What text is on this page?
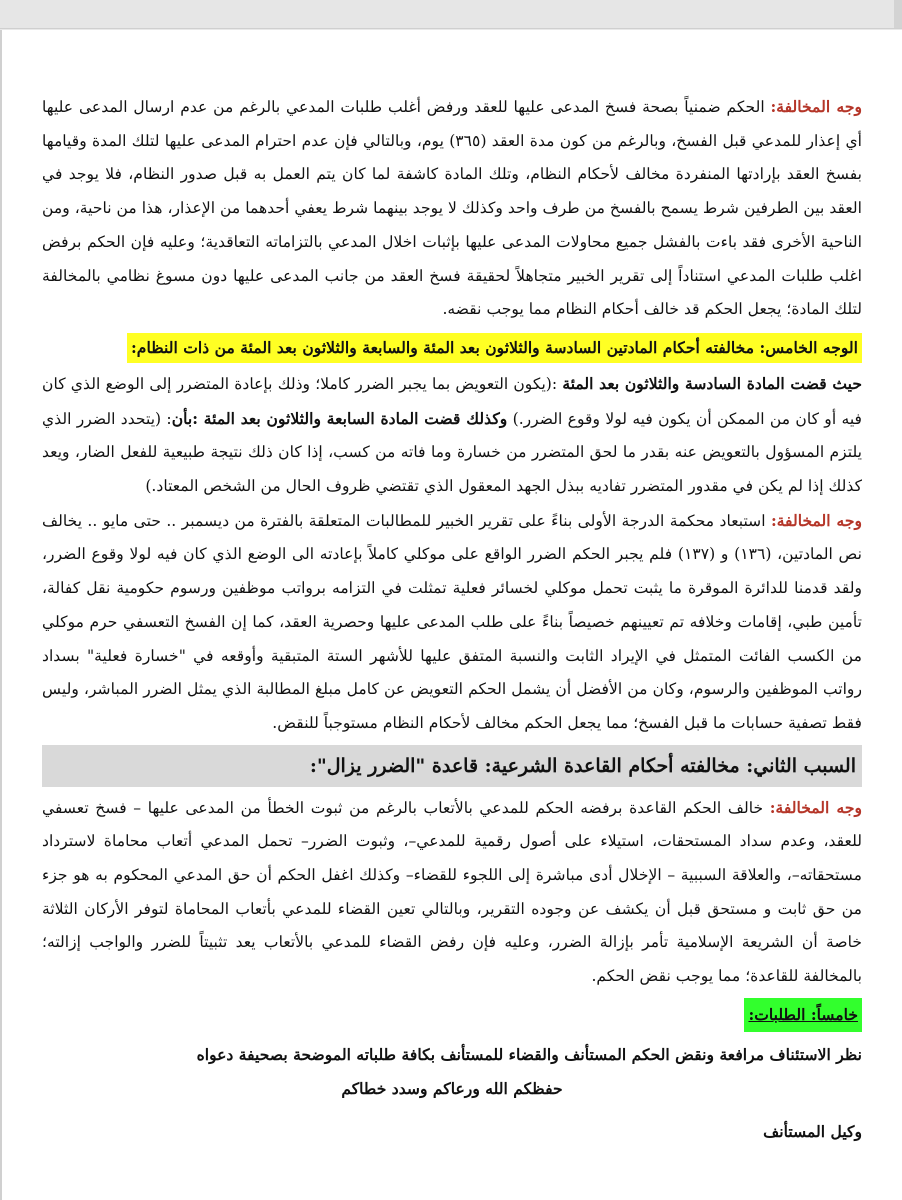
وجه المخالفة: الحكم ضمنياً بصحة فسخ المدعى عليها للعقد ورفض أغلب طلبات المدعي بالرغم من عدم ارسال المدعى عليها أي إعذار للمدعي قبل الفسخ، وبالرغم من كون مدة العقد (٣٦٥) يوم، وبالتالي فإن عدم احترام المدعى عليها لتلك المدة وقيامها بفسخ العقد بإرادتها المنفردة مخالف لأحكام النظام، وتلك المادة كاشفة لما كان يتم العمل به قبل صدور النظام، فلا يوجد في العقد بين الطرفين شرط يسمح بالفسخ من طرف واحد وكذلك لا يوجد بينهما شرط يعفي أحدهما من الإعذار، هذا من ناحية، ومن الناحية الأخرى فقد باءت بالفشل جميع محاولات المدعى عليها بإثبات اخلال المدعي بالتزاماته التعاقدية؛ وعليه فإن الحكم برفض اغلب طلبات المدعي استناداً إلى تقرير الخبير متجاهلاً لحقيقة فسخ العقد من جانب المدعى عليها دون مسوغ نظامي بالمخالفة لتلك المادة؛ يجعل الحكم قد خالف أحكام النظام مما يوجب نقضه.

الوجه الخامس: مخالفته أحكام المادتين السادسة والثلاثون بعد المئة والسابعة والثلاثون بعد المئة من ذات النظام:

حيث قضت المادة السادسة والثلاثون بعد المئة :(يكون التعويض بما يجبر الضرر كاملا؛ وذلك بإعادة المتضرر إلى الوضع الذي كان فيه أو كان من الممكن أن يكون فيه لولا وقوع الضرر.) وكذلك قضت المادة السابعة والثلاثون بعد المئة :بأن: (يتحدد الضرر الذي يلتزم المسؤول بالتعويض عنه بقدر ما لحق المتضرر من خسارة وما فاته من كسب، إذا كان ذلك نتيجة طبيعية للفعل الضار، ويعد كذلك إذا لم يكن في مقدور المتضرر تفاديه ببذل الجهد المعقول الذي تقتضي ظروف الحال من الشخص المعتاد.)

وجه المخالفة: استبعاد محكمة الدرجة الأولى بناءً على تقرير الخبير للمطالبات المتعلقة بالفترة من ديسمبر .. حتى مايو .. يخالف نص المادتين، (١٣٦) و (١٣٧) فلم يجبر الحكم الضرر الواقع على موكلي كاملاً بإعادته الى الوضع الذي كان فيه لولا وقوع الضرر، ولقد قدمنا للدائرة الموقرة ما يثبت تحمل موكلي لخسائر فعلية تمثلت في التزامه برواتب موظفين ورسوم حكومية نقل كفالة، تأمين طبي، إقامات وخلافه تم تعيينهم خصيصاً بناءً على طلب المدعى عليها وحصرية العقد، كما إن الفسخ التعسفي حرم موكلي من الكسب الفائت المتمثل في الإيراد الثابت والنسبة المتفق عليها للأشهر الستة المتبقية وأوقعه في "خسارة فعلية" بسداد رواتب الموظفين والرسوم، وكان من الأفضل أن يشمل الحكم التعويض عن كامل مبلغ المطالبة الذي يمثل الضرر المباشر، وليس فقط تصفية حسابات ما قبل الفسخ؛ مما يجعل الحكم مخالف لأحكام النظام مستوجباً للنقض.

السبب الثاني: مخالفته أحكام القاعدة الشرعية: قاعدة "الضرر يزال":

وجه المخالفة: خالف الحكم القاعدة برفضه الحكم للمدعي بالأتعاب بالرغم من ثبوت الخطأ من المدعى عليها – فسخ تعسفي للعقد، وعدم سداد المستحقات، استيلاء على أصول رقمية للمدعي–، وثبوت الضرر– تحمل المدعي أتعاب محاماة لاسترداد مستحقاته–، والعلاقة السببية – الإخلال أدى مباشرة إلى اللجوء للقضاء– وكذلك اغفل الحكم أن حق المدعي المحكوم به هو جزء من حق ثابت و مستحق قبل أن يكشف عن وجوده التقرير، وبالتالي تعين القضاء للمدعي بأتعاب المحاماة لتوفر الأركان الثلاثة خاصة أن الشريعة الإسلامية تأمر بإزالة الضرر، وعليه فإن رفض القضاء للمدعي بالأتعاب يعد تثبيتاً للضرر والواجب إزالته؛ بالمخالفة للقاعدة؛ مما يوجب نقض الحكم.

خامساً: الطلبات:

نظر الاستئناف مرافعة ونقض الحكم المستأنف والقضاء للمستأنف بكافة طلباته الموضحة بصحيفة دعواه

حفظكم الله ورعاكم وسدد خطاكم

وكيل المستأنف
